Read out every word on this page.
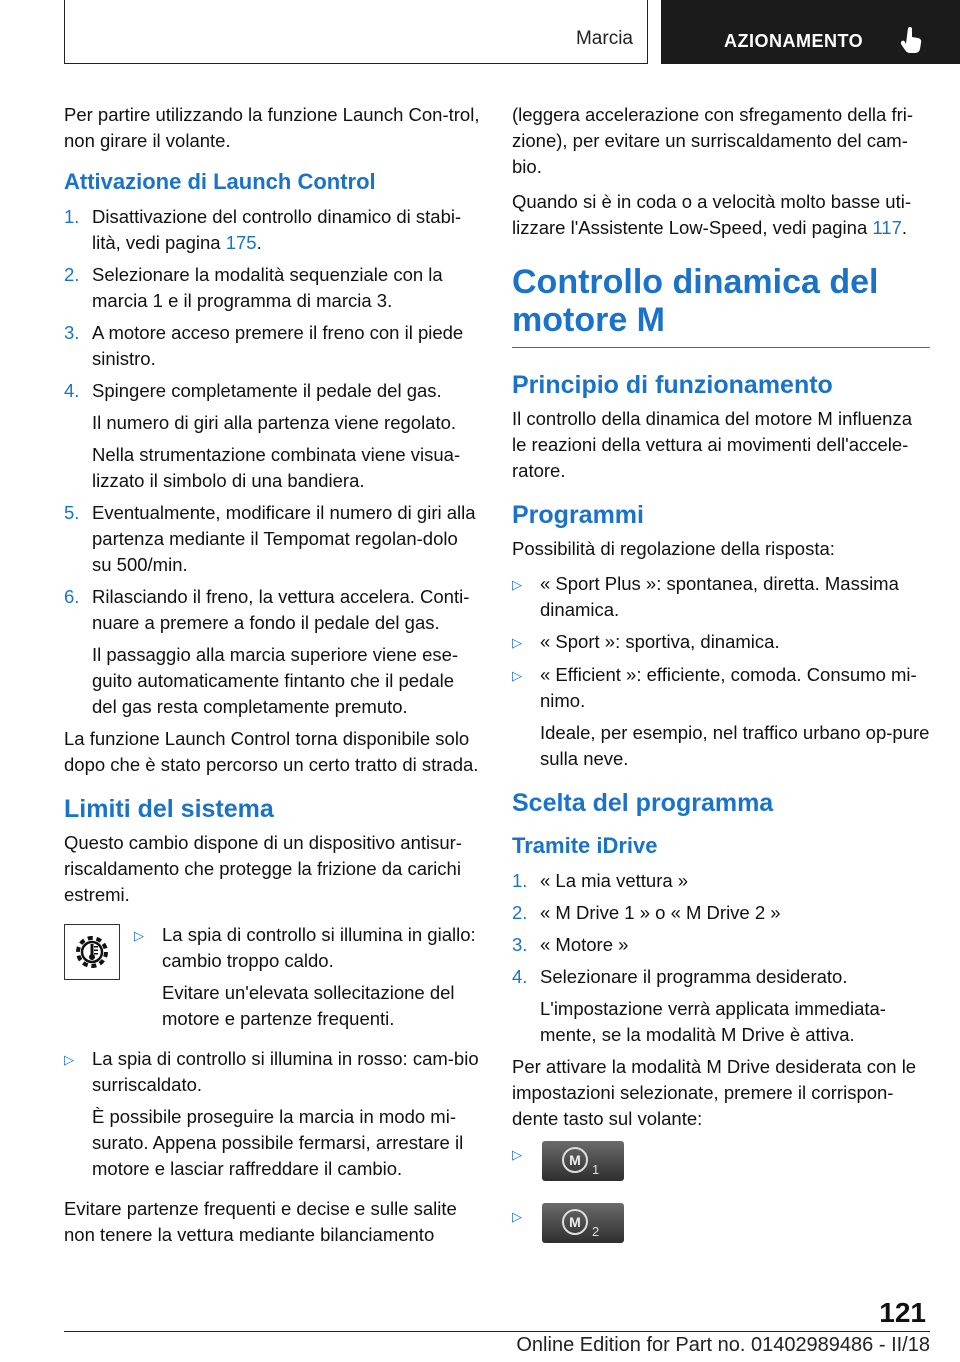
Marcia	AZIONAMENTO

Per partire utilizzando la funzione Launch Con-trol, non girare il volante.

Attivazione di Launch Control
1. Disattivazione del controllo dinamico di stabi-lità, vedi pagina 175.
2. Selezionare la modalità sequenziale con la marcia 1 e il programma di marcia 3.
3. A motore acceso premere il freno con il piede sinistro.
4. Spingere completamente il pedale del gas.
Il numero di giri alla partenza viene regolato.
Nella strumentazione combinata viene visua-lizzato il simbolo di una bandiera.
5. Eventualmente, modificare il numero di giri alla partenza mediante il Tempomat regolan-dolo su 500/min.
6. Rilasciando il freno, la vettura accelera. Conti-nuare a premere a fondo il pedale del gas.
Il passaggio alla marcia superiore viene ese-guito automaticamente fintanto che il pedale del gas resta completamente premuto.

La funzione Launch Control torna disponibile solo dopo che è stato percorso un certo tratto di strada.

Limiti del sistema

Questo cambio dispone di un dispositivo antisur-riscaldamento che protegge la frizione da carichi estremi.

▷ La spia di controllo si illumina in giallo: cambio troppo caldo.
Evitare un'elevata sollecitazione del motore e partenze frequenti.
▷ La spia di controllo si illumina in rosso: cam-bio surriscaldato.
È possibile proseguire la marcia in modo mi-surato. Appena possibile fermarsi, arrestare il motore e lasciar raffreddare il cambio.

Evitare partenze frequenti e decise e sulle salite non tenere la vettura mediante bilanciamento

(leggera accelerazione con sfregamento della fri-zione), per evitare un surriscaldamento del cam-bio.

Quando si è in coda o a velocità molto basse uti-lizzare l'Assistente Low-Speed, vedi pagina 117.

Controllo dinamica del motore M
Principio di funzionamento

Il controllo della dinamica del motore M influenza le reazioni della vettura ai movimenti dell'accele-ratore.

Programmi

Possibilità di regolazione della risposta:

▷ « Sport Plus »: spontanea, diretta. Massima dinamica.
▷ « Sport »: sportiva, dinamica.
▷ « Efficient »: efficiente, comoda. Consumo mi-nimo.
Ideale, per esempio, nel traffico urbano op-pure sulla neve.
Scelta del programma
Tramite iDrive
1. « La mia vettura »
2. « M Drive 1 » o « M Drive 2 »
3. « Motore »
4. Selezionare il programma desiderato.
L'impostazione verrà applicata immediata-mente, se la modalità M Drive è attiva.

Per attivare la modalità M Drive desiderata con le impostazioni selezionate, premere il corrispon-dente tasto sul volante:

▷	M
1
▷	M
2
121
Online Edition for Part no. 01402989486 - II/18
